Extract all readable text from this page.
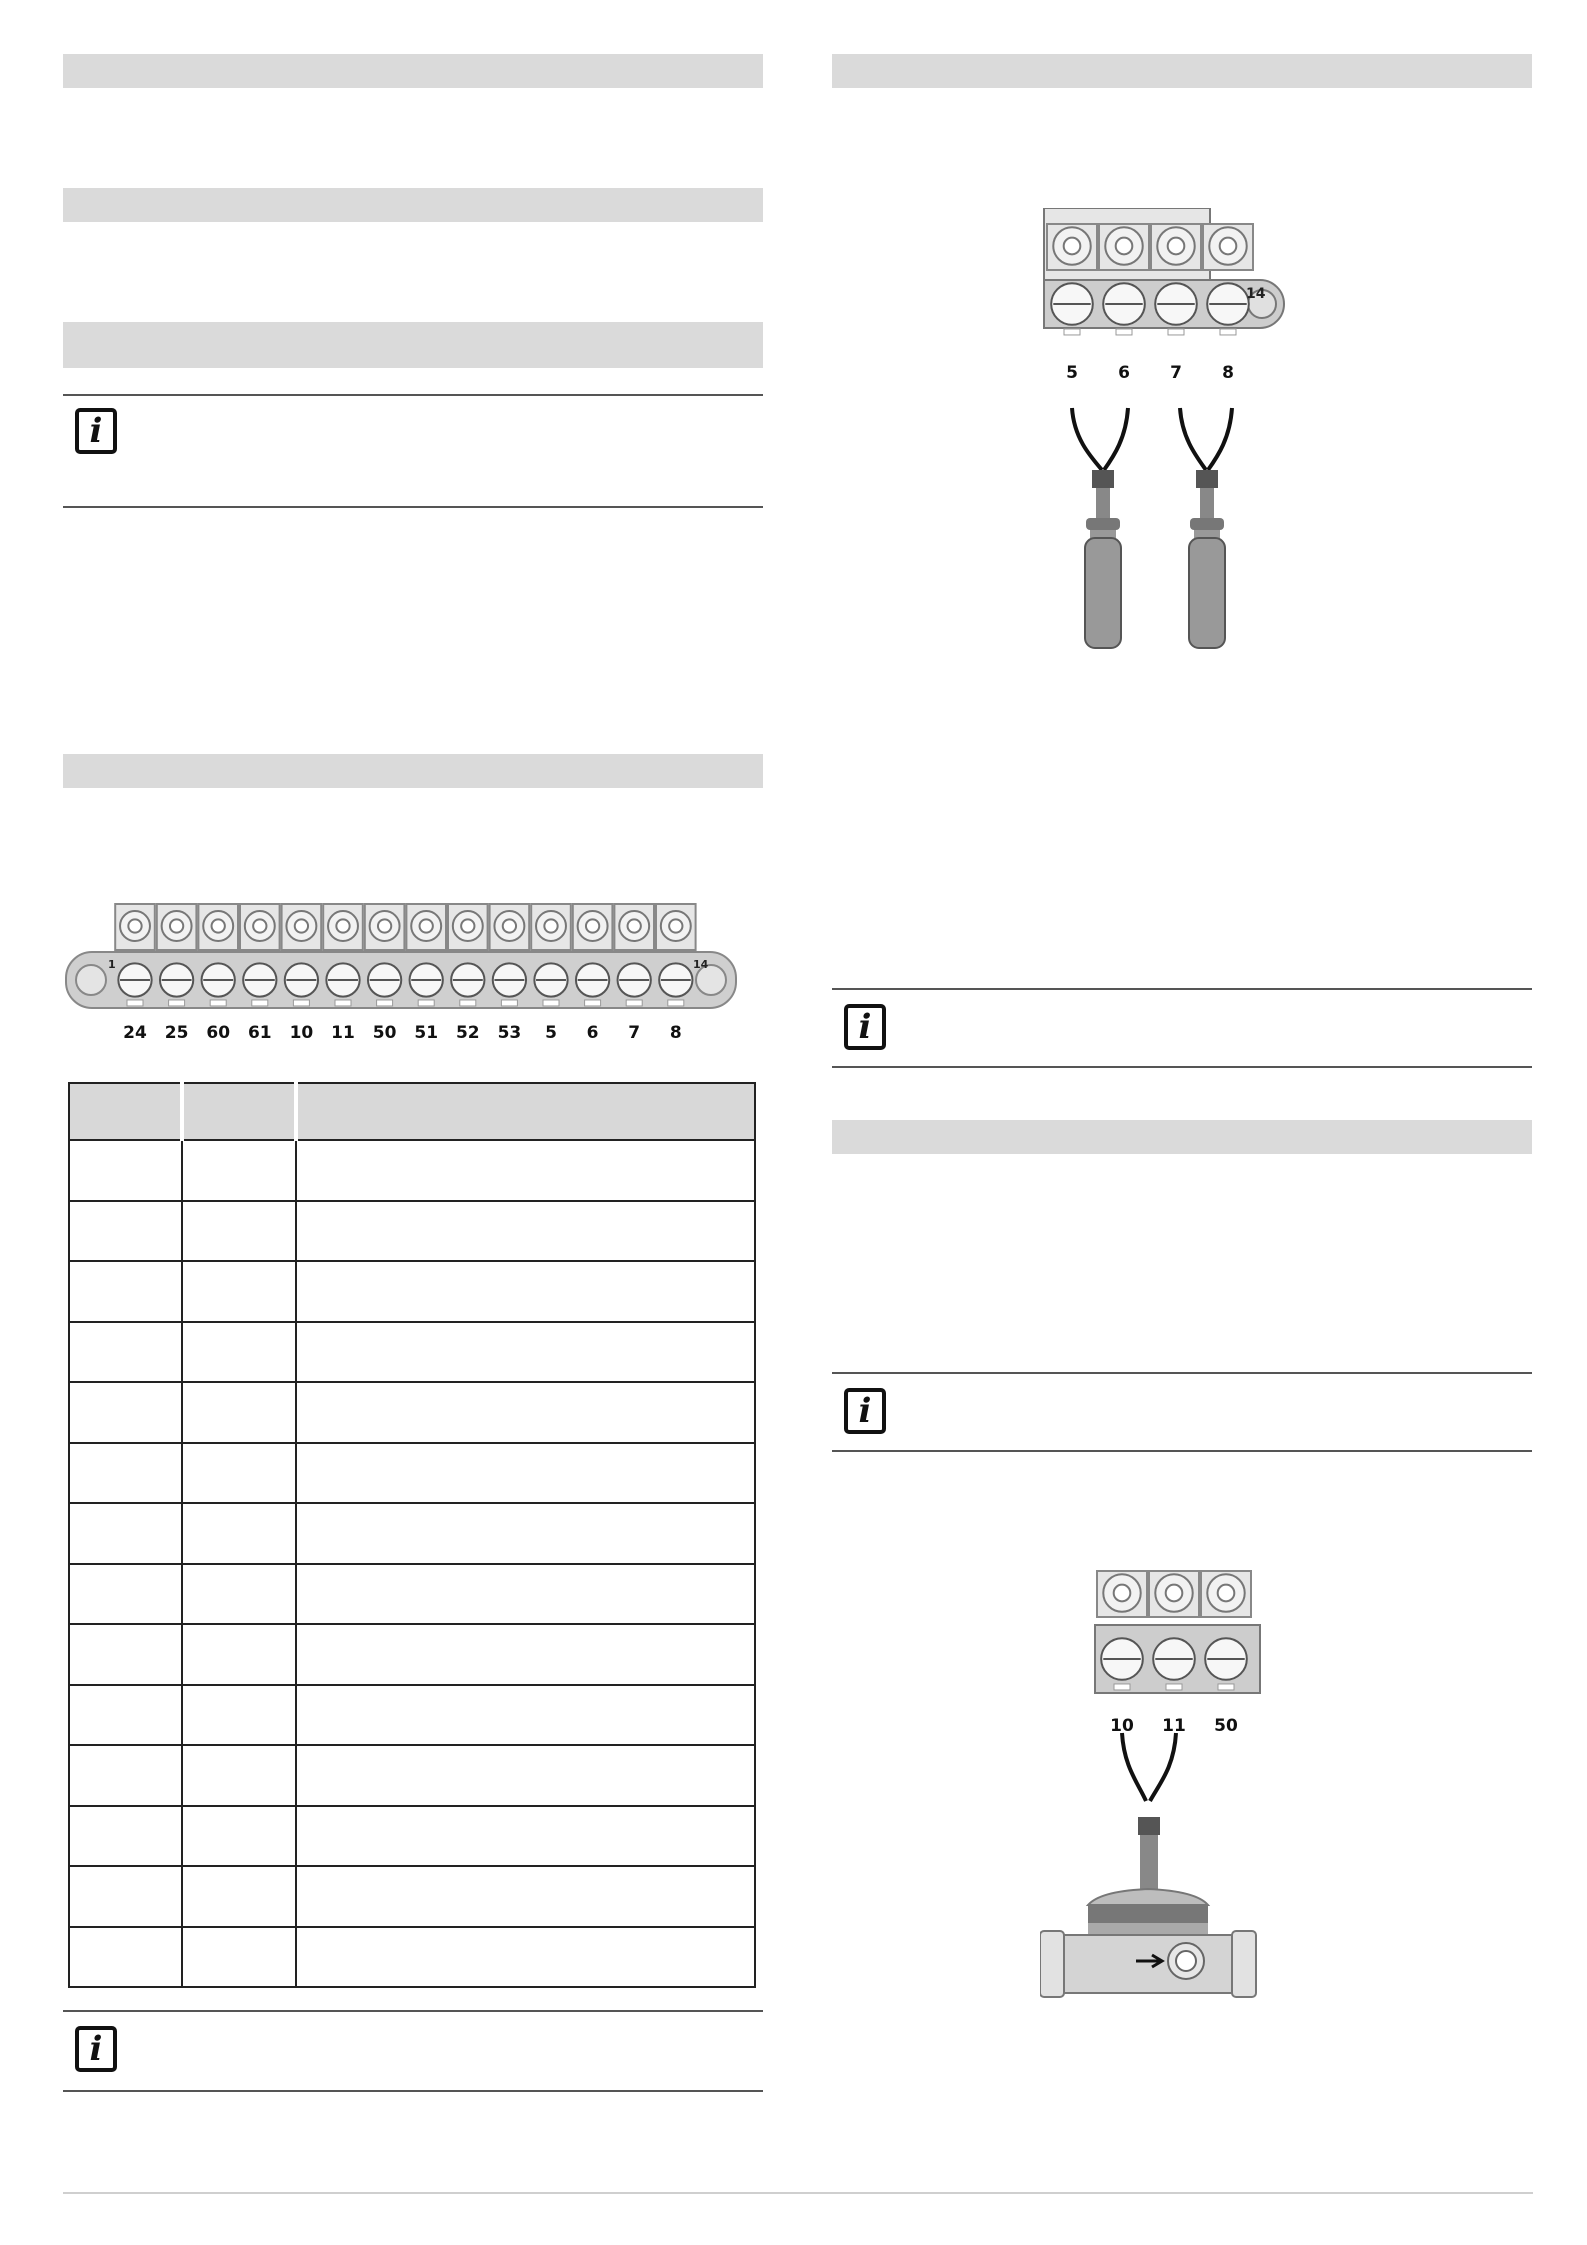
i
1	14
24 25 60 61 10 11 50 51 52 53 5 6 7 8

i
14
5 6 7 8
i
i
10 11 50
